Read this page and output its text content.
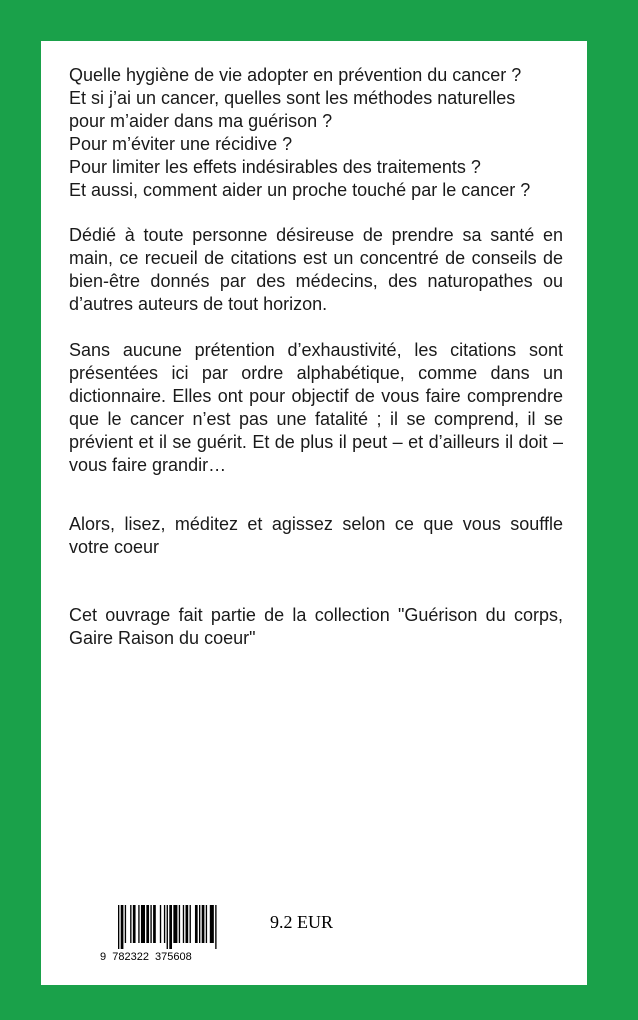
Quelle hygiène de vie adopter en prévention du cancer ?
Et si j’ai un cancer, quelles sont les méthodes naturelles
pour m’aider dans ma guérison ?
Pour m’éviter une récidive ?
Pour limiter les effets indésirables des traitements ?
Et aussi, comment aider un proche touché par le cancer ?
Dédié à toute personne désireuse de prendre sa santé en main, ce recueil de citations est un concentré de conseils de bien-être donnés par des médecins, des naturopathes ou d’autres auteurs de tout horizon.
Sans aucune prétention d’exhaustivité, les citations sont présentées ici par ordre alphabétique, comme dans un dictionnaire. Elles ont pour objectif de vous faire comprendre que le cancer n’est pas une fatalité ; il se comprend, il se prévient et il se guérit. Et de plus il peut – et d’ailleurs il doit – vous faire grandir…
Alors, lisez, méditez et agissez selon ce que vous souffle votre coeur
Cet ouvrage fait partie de la collection "Guérison du corps, Gaire Raison du coeur"
9  782322  375608
9.2 EUR
